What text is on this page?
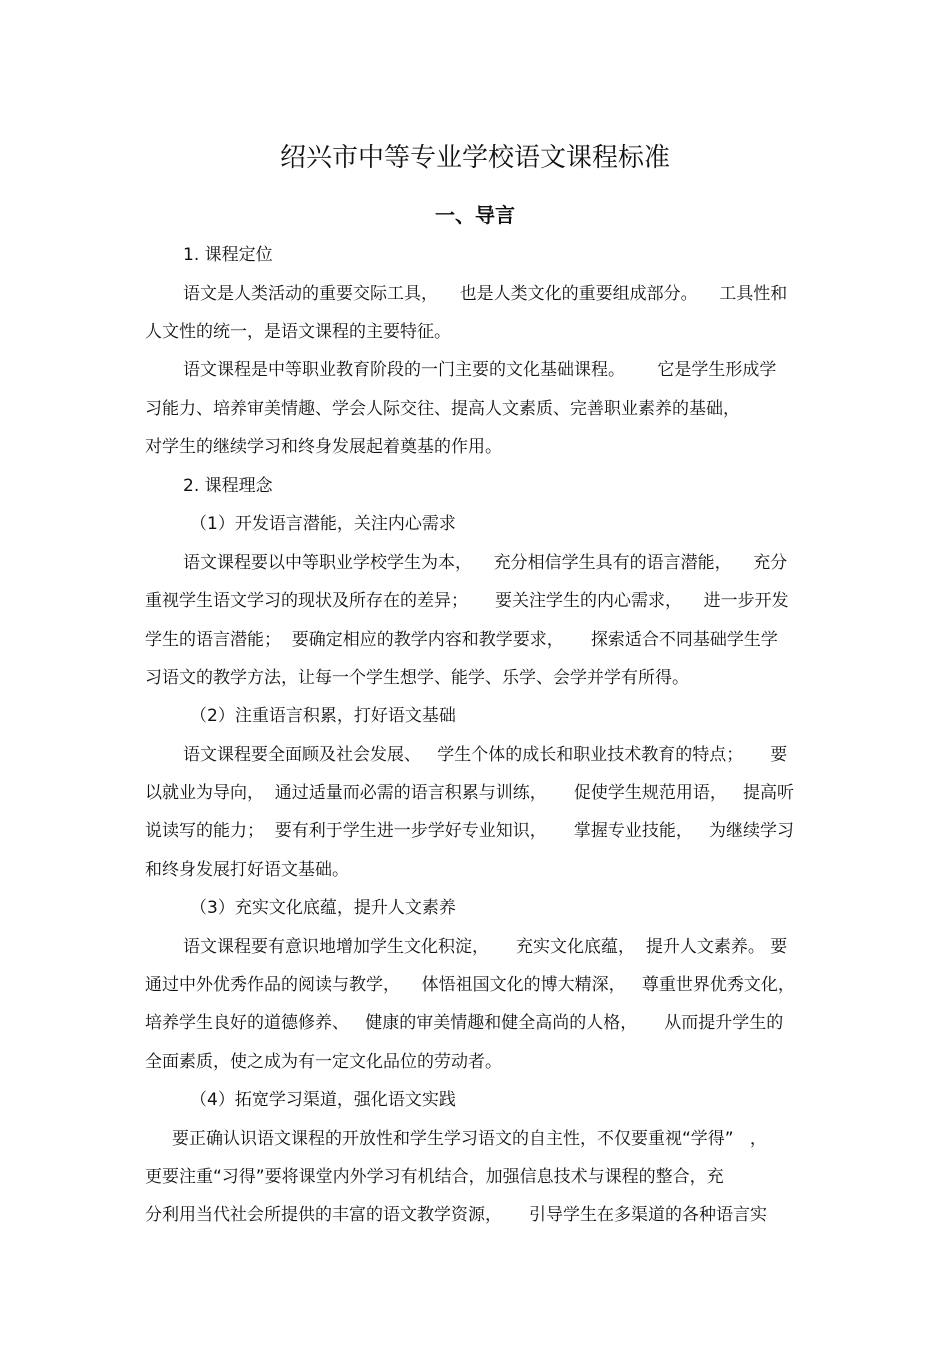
绍兴市中等专业学校语文课程标准
一、导言

1. 课程定位

语文是人类活动的重要交际工具，    也是人类文化的重要组成部分。    工具性和

人文性的统一，是语文课程的主要特征。

语文课程是中等职业教育阶段的一门主要的文化基础课程。      它是学生形成学

习能力、培养审美情趣、学会人际交往、提高人文素质、完善职业素养的基础，

对学生的继续学习和终身发展起着奠基的作用。

2. 课程理念

（1）开发语言潜能，关注内心需求

语文课程要以中等职业学校学生为本，    充分相信学生具有的语言潜能，    充分

重视学生语文学习的现状及所存在的差异；     要关注学生的内心需求，    进一步开发

学生的语言潜能；  要确定相应的教学内容和教学要求，     探索适合不同基础学生学

习语文的教学方法，让每一个学生想学、能学、乐学、会学并学有所得。

（2）注重语言积累，打好语文基础

语文课程要全面顾及社会发展、   学生个体的成长和职业技术教育的特点；     要

以就业为导向，  通过适量而必需的语言积累与训练，     促使学生规范用语，   提高听

说读写的能力；  要有利于学生进一步学好专业知识，     掌握专业技能，   为继续学习

和终身发展打好语文基础。

（3）充实文化底蕴，提升人文素养

语文课程要有意识地增加学生文化积淀，     充实文化底蕴，  提升人文素养。 要

通过中外优秀作品的阅读与教学，    体悟祖国文化的博大精深，   尊重世界优秀文化，

培养学生良好的道德修养、   健康的审美情趣和健全高尚的人格，     从而提升学生的

全面素质，使之成为有一定文化品位的劳动者。

（4）拓宽学习渠道，强化语文实践

要正确认识语文课程的开放性和学生学习语文的自主性，不仅要重视“学得”   ，

更要注重“习得”要将课堂内外学习有机结合，加强信息技术与课程的整合，充

分利用当代社会所提供的丰富的语文教学资源，     引导学生在多渠道的各种语言实
